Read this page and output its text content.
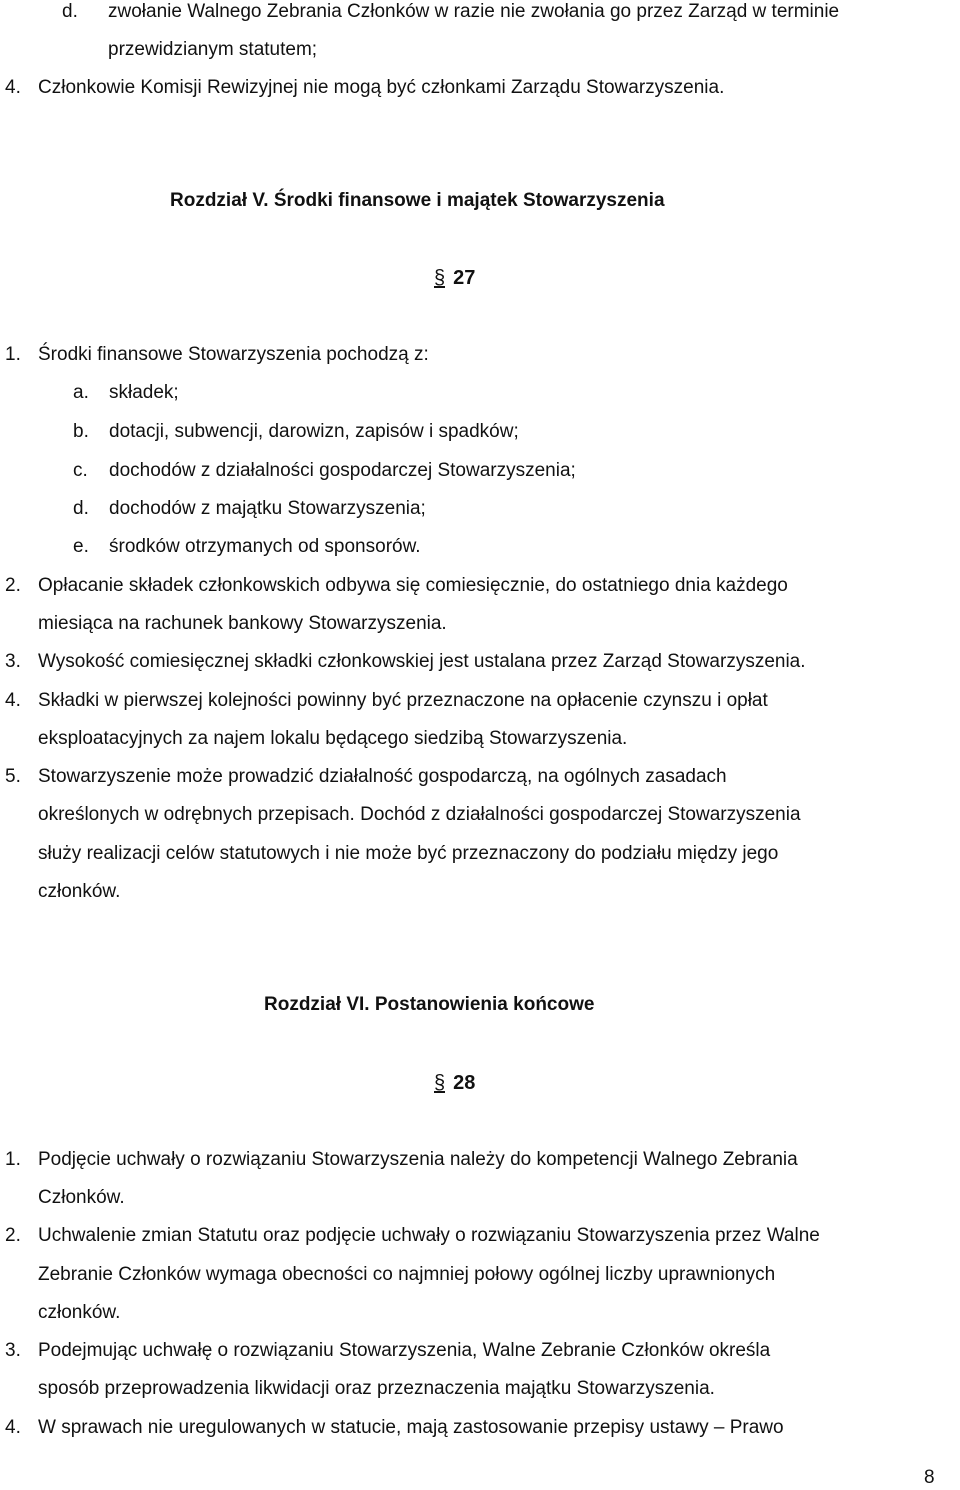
d. zwołanie Walnego Zebrania Członków w razie nie zwołania go przez Zarząd w terminie
przewidzianym statutem;
4. Członkowie Komisji Rewizyjnej nie mogą być członkami Zarządu Stowarzyszenia.
Rozdział V. Środki finansowe i majątek Stowarzyszenia
§ 27
1. Środki finansowe Stowarzyszenia pochodzą z:
a. składek;
b. dotacji, subwencji, darowizn, zapisów i spadków;
c. dochodów z działalności gospodarczej Stowarzyszenia;
d. dochodów z majątku Stowarzyszenia;
e. środków otrzymanych od sponsorów.
2. Opłacanie składek członkowskich odbywa się comiesięcznie, do ostatniego dnia każdego
miesiąca na rachunek bankowy Stowarzyszenia.
3. Wysokość comiesięcznej składki członkowskiej jest ustalana przez Zarząd Stowarzyszenia.
4. Składki w pierwszej kolejności powinny być przeznaczone na opłacenie czynszu i opłat
eksploatacyjnych za najem lokalu będącego siedzibą Stowarzyszenia.
5. Stowarzyszenie może prowadzić działalność gospodarczą, na ogólnych zasadach
określonych w odrębnych przepisach. Dochód z działalności gospodarczej Stowarzyszenia
służy realizacji celów statutowych i nie może być przeznaczony do podziału między jego
członków.
Rozdział VI. Postanowienia końcowe
§ 28
1. Podjęcie uchwały o rozwiązaniu Stowarzyszenia należy do kompetencji Walnego Zebrania
Członków.
2. Uchwalenie zmian Statutu oraz podjęcie uchwały o rozwiązaniu Stowarzyszenia przez Walne
Zebranie Członków wymaga obecności co najmniej połowy ogólnej liczby uprawnionych
członków.
3. Podejmując uchwałę o rozwiązaniu Stowarzyszenia, Walne Zebranie Członków określa
sposób przeprowadzenia likwidacji oraz przeznaczenia majątku Stowarzyszenia.
4. W sprawach nie uregulowanych w statucie, mają zastosowanie przepisy ustawy – Prawo
8
